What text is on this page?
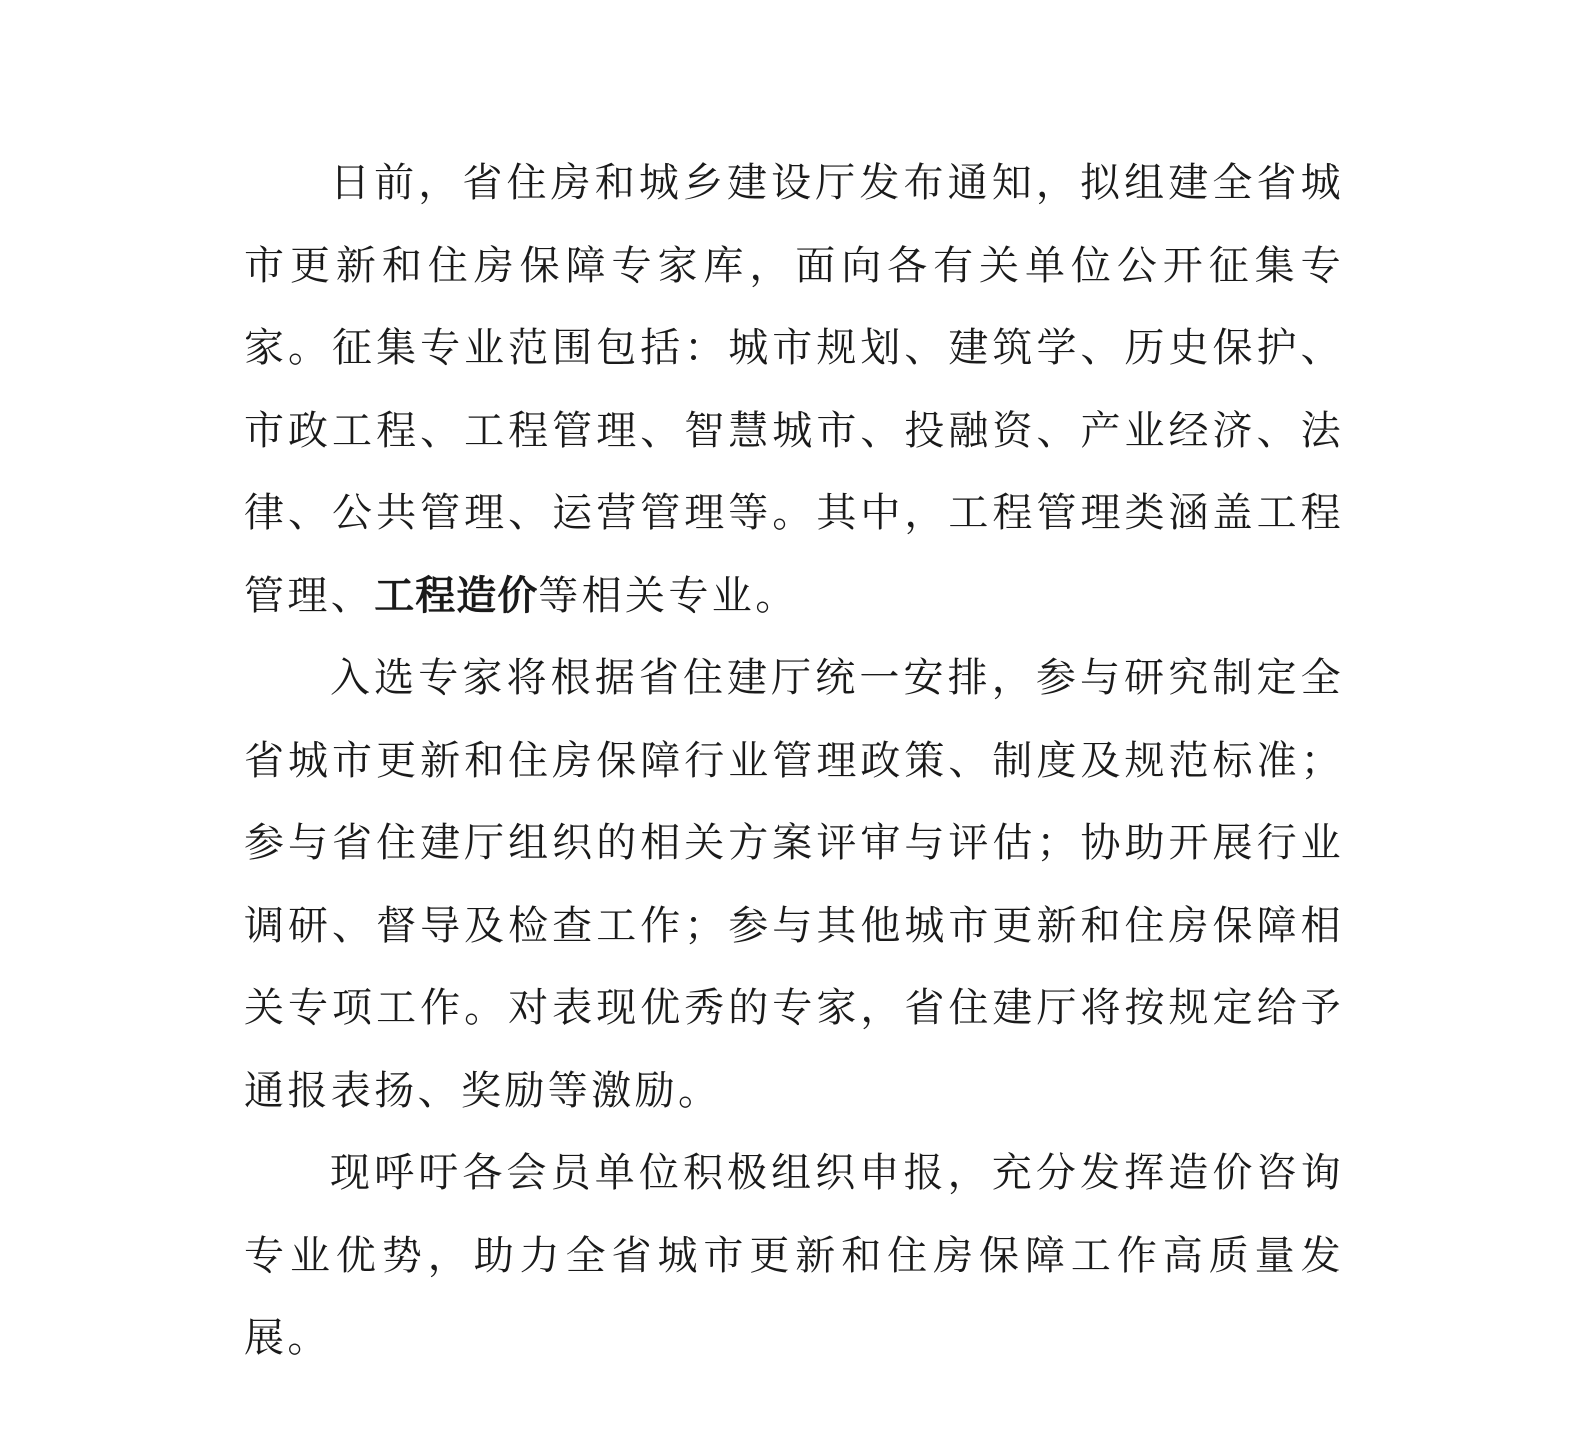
日前，省住房和城乡建设厅发布通知，拟组建全省城市更新和住房保障专家库，面向各有关单位公开征集专家。征集专业范围包括：城市规划、建筑学、历史保护、市政工程、工程管理、智慧城市、投融资、产业经济、法律、公共管理、运营管理等。其中，工程管理类涵盖工程管理、工程造价等相关专业。

入选专家将根据省住建厅统一安排，参与研究制定全省城市更新和住房保障行业管理政策、制度及规范标准；参与省住建厅组织的相关方案评审与评估；协助开展行业调研、督导及检查工作；参与其他城市更新和住房保障相关专项工作。对表现优秀的专家，省住建厅将按规定给予通报表扬、奖励等激励。

现呼吁各会员单位积极组织申报，充分发挥造价咨询专业优势，助力全省城市更新和住房保障工作高质量发展。
